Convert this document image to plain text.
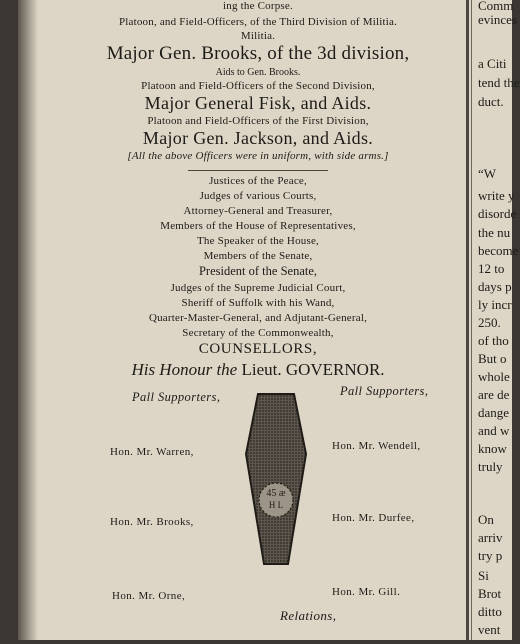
ing the Corpse.
Platoon, and Field-Officers, of the Third Division of Militia.
Militia.
Major Gen. Brooks, of the 3d division,
Aids to Gen. Brooks.
Platoon and Field-Officers of the Second Division,
Major General Fisk, and Aids.
Platoon and Field-Officers of the First Division,
Major Gen. Jackson, and Aids.
[All the above Officers were in uniform, with side arms.]
Justices of the Peace,
Judges of various Courts,
Attorney-General and Treasurer,
Members of the House of Representatives,
The Speaker of the House,
Members of the Senate,
President of the Senate,
Judges of the Supreme Judicial Court,
Sheriff of Suffolk with his Wand,
Quarter-Master-General, and Adjutant-General,
Secretary of the Commonwealth,
COUNSELLORS,
His Honour the Lieut. GOVERNOR.
Pall Supporters,	Pall Supporters,
Hon. Mr. Warren,
Hon. Mr. Brooks,
Hon. Mr. Orne,
Hon. Mr. Wendell,
Hon. Mr. Durfee,
Hon. Mr. Gill.
45 æ
H L
Relations,
Comm
evinces
a Citi
tend the
duct.
“W
write y
disorde
the nu
become
12 to
days p
ly incr
250.
of tho
But o
whole
are de
dange
and w
know
truly
On
arriv
try p
Si
Brot
ditto
vent
